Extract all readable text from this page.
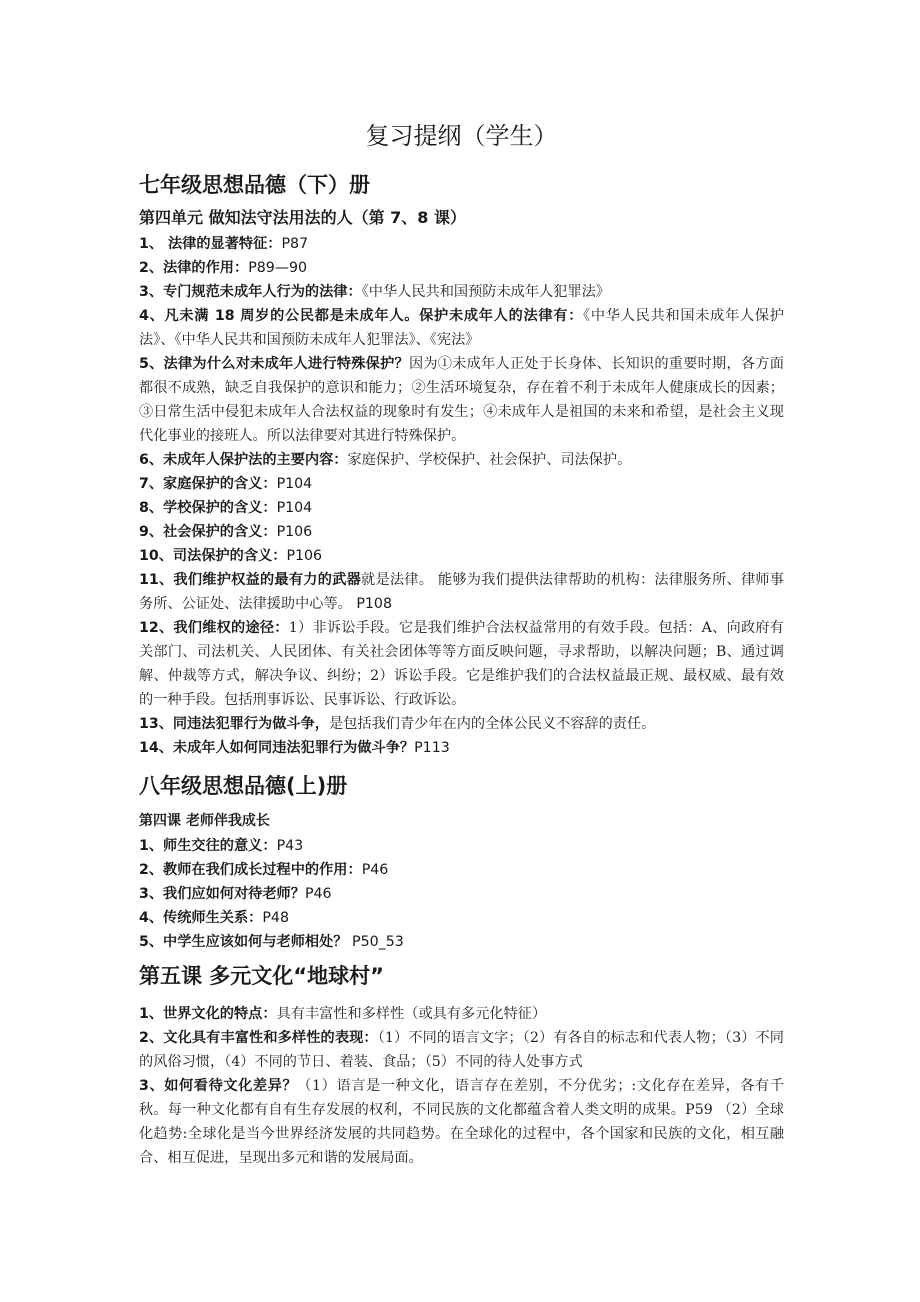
复习提纲（学生）
七年级思想品德（下）册
第四单元 做知法守法用法的人（第 7、8 课）

1、 法律的显著特征：P87

2、法律的作用：P89—90

3、专门规范未成年人行为的法律：《中华人民共和国预防未成年人犯罪法》

4、凡未满 18 周岁的公民都是未成年人。保护未成年人的法律有：《中华人民共和国未成年人保护法》、《中华人民共和国预防未成年人犯罪法》、《宪法》

5、法律为什么对未成年人进行特殊保护？因为①未成年人正处于长身体、长知识的重要时期，各方面都很不成熟，缺乏自我保护的意识和能力；②生活环境复杂，存在着不利于未成年人健康成长的因素；③日常生活中侵犯未成年人合法权益的现象时有发生；④未成年人是祖国的未来和希望，是社会主义现代化事业的接班人。所以法律要对其进行特殊保护。

6、未成年人保护法的主要内容：家庭保护、学校保护、社会保护、司法保护。

7、家庭保护的含义：P104

8、学校保护的含义：P104

9、社会保护的含义：P106

10、司法保护的含义：P106

11、我们维护权益的最有力的武器就是法律。 能够为我们提供法律帮助的机构：法律服务所、律师事务所、公证处、法律援助中心等。 P108

12、我们维权的途径：1）非诉讼手段。它是我们维护合法权益常用的有效手段。包括：A、向政府有关部门、司法机关、人民团体、有关社会团体等等方面反映问题，寻求帮助，以解决问题；B、通过调解、仲裁等方式，解决争议、纠纷；2）诉讼手段。它是维护我们的合法权益最正规、最权威、最有效的一种手段。包括刑事诉讼、民事诉讼、行政诉讼。

13、同违法犯罪行为做斗争，是包括我们青少年在内的全体公民义不容辞的责任。

14、未成年人如何同违法犯罪行为做斗争？P113

八年级思想品德(上)册
第四课 老师伴我成长

1、师生交往的意义：P43

2、教师在我们成长过程中的作用：P46

3、我们应如何对待老师？P46

4、传统师生关系：P48

5、中学生应该如何与老师相处？ P50_53

第五课 多元文化“地球村”

1、世界文化的特点：具有丰富性和多样性（或具有多元化特征）

2、文化具有丰富性和多样性的表现：（1）不同的语言文字；（2）有各自的标志和代表人物；（3）不同的风俗习惯，（4）不同的节日、着装、食品；（5）不同的待人处事方式

3、如何看待文化差异？（1）语言是一种文化，语言存在差别，不分优劣；:文化存在差异，各有千秋。每一种文化都有自有生存发展的权利，不同民族的文化都蕴含着人类文明的成果。P59 （2）全球化趋势:全球化是当今世界经济发展的共同趋势。在全球化的过程中，各个国家和民族的文化，相互融合、相互促进，呈现出多元和谐的发展局面。
